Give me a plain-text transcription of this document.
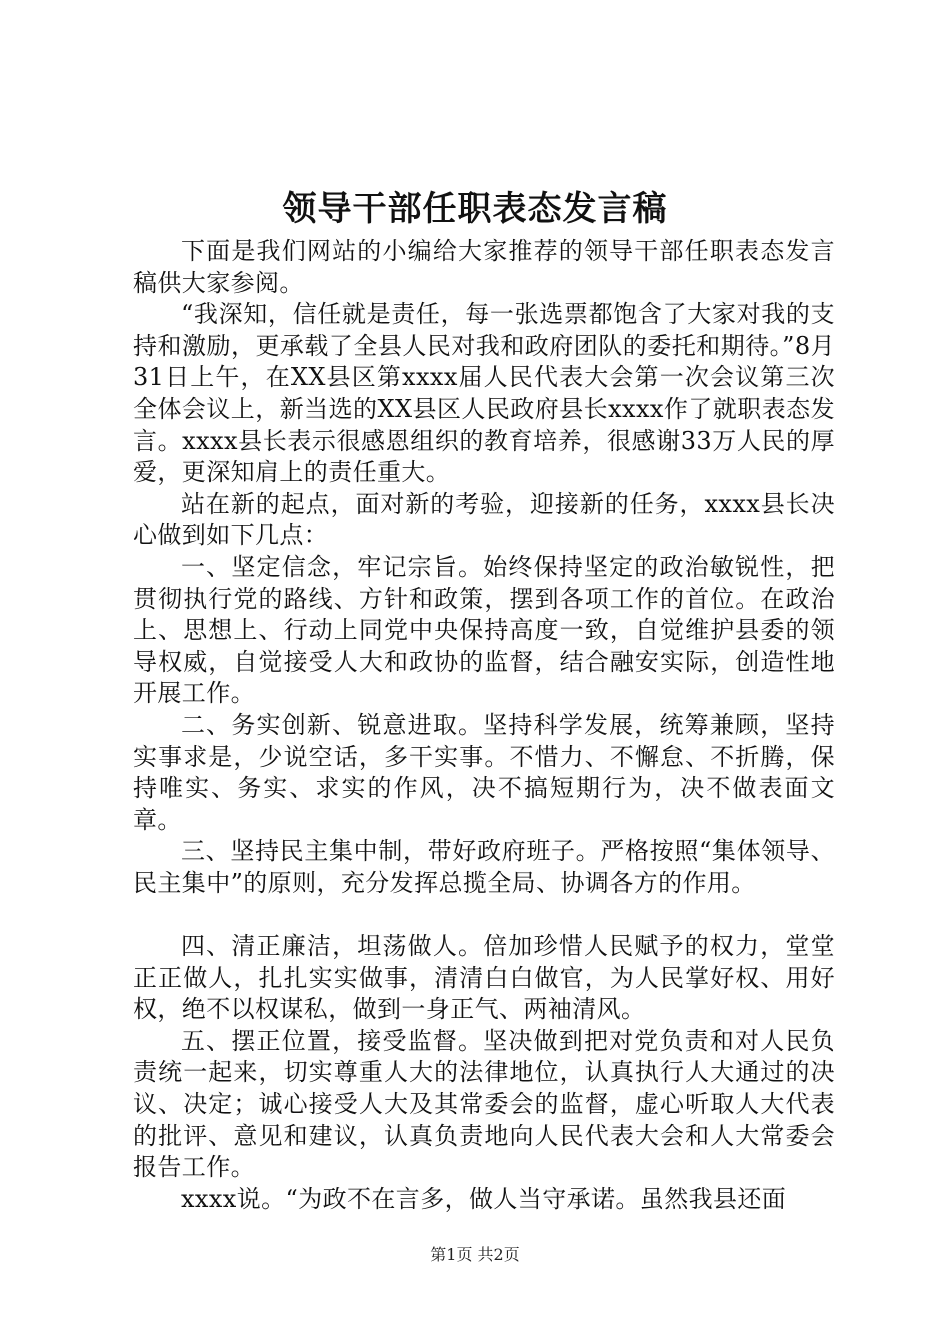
领导干部任职表态发言稿

下面是我们网站的小编给大家推荐的领导干部任职表态发言稿供大家参阅。

“我深知，信任就是责任，每一张选票都饱含了大家对我的支持和激励，更承载了全县人民对我和政府团队的委托和期待。”8月31日上午，在XX县区第xxxx届人民代表大会第一次会议第三次全体会议上，新当选的XX县区人民政府县长xxxx作了就职表态发言。xxxx县长表示很感恩组织的教育培养，很感谢33万人民的厚爱，更深知肩上的责任重大。

站在新的起点，面对新的考验，迎接新的任务，xxxx县长决心做到如下几点：

一、坚定信念，牢记宗旨。始终保持坚定的政治敏锐性，把贯彻执行党的路线、方针和政策，摆到各项工作的首位。在政治上、思想上、行动上同党中央保持高度一致，自觉维护县委的领导权威，自觉接受人大和政协的监督，结合融安实际，创造性地开展工作。

二、务实创新、锐意进取。坚持科学发展，统筹兼顾，坚持实事求是，少说空话，多干实事。不惜力、不懈怠、不折腾，保持唯实、务实、求实的作风，决不搞短期行为，决不做表面文章。

三、坚持民主集中制，带好政府班子。严格按照“集体领导、民主集中”的原则，充分发挥总揽全局、协调各方的作用。

四、清正廉洁，坦荡做人。倍加珍惜人民赋予的权力，堂堂正正做人，扎扎实实做事，清清白白做官，为人民掌好权、用好权，绝不以权谋私，做到一身正气、两袖清风。

五、摆正位置，接受监督。坚决做到把对党负责和对人民负责统一起来，切实尊重人大的法律地位，认真执行人大通过的决议、决定；诚心接受人大及其常委会的监督，虚心听取人大代表的批评、意见和建议，认真负责地向人民代表大会和人大常委会报告工作。

xxxx说。“为政不在言多，做人当守承诺。虽然我县还面

第1页 共2页
